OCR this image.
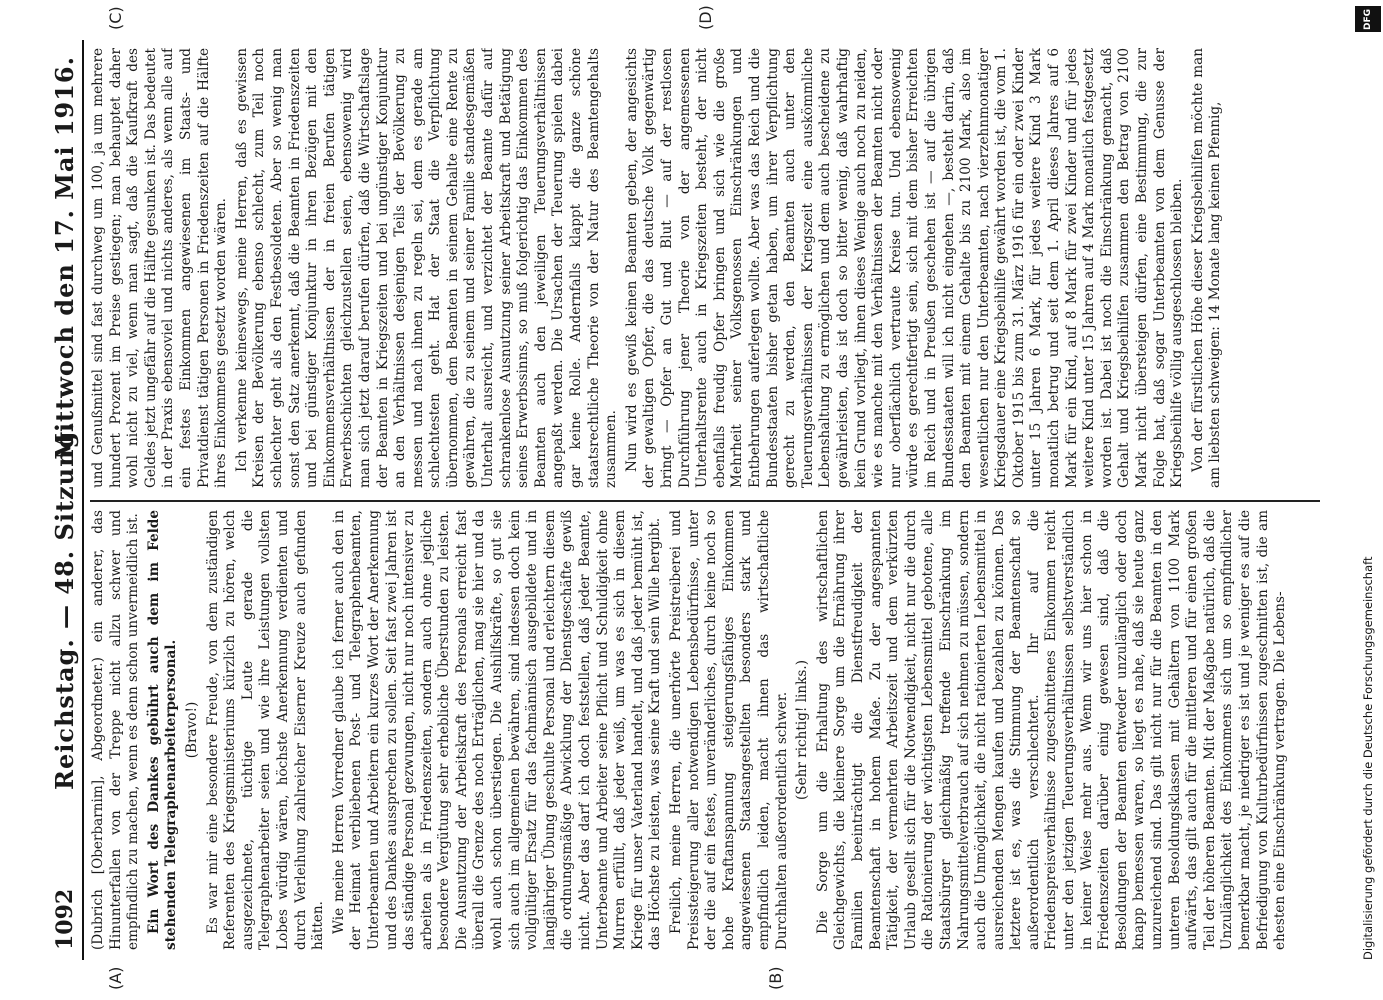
1092
Reichstag. — 48. Sitzung.
Mittwoch den 17. Mai 1916.
(A)	(B)
(C)	(D)

(Dubrich [Oberbarnim], Abgeordneter.) ein anderer, das Hinunterfallen von der Treppe nicht allzu schwer und empfindlich zu machen, wenn es denn schon unvermeidlich ist. Ein Wort des Dankes gebührt auch dem im Felde stehenden Telegraphenarbeiterpersonal. (Bravo!) Es war mir eine besondere Freude, von dem zuständigen Referenten des Kriegsministeriums kürzlich zu hören, welch ausgezeichnete, tüchtige Leute gerade die Telegraphenarbeiter seien und wie ihre Leistungen vollsten Lobes würdig wären, höchste Anerkennung verdienten und durch Verleihung zahlreicher Eiserner Kreuze auch gefunden hätten. Wie meine Herren Vorredner glaube ich ferner auch den in der Heimat verbliebenen Post- und Telegraphenbeamten, Unterbeamten und Arbeitern ein kurzes Wort der Anerkennung und des Dankes aussprechen zu sollen. Seit fast zwei Jahren ist das ständige Personal gezwungen, nicht nur noch intensiver zu arbeiten als in Friedenszeiten, sondern auch ohne jegliche besondere Vergütung sehr erhebliche Überstunden zu leisten. Die Ausnutzung der Arbeitskraft des Personals erreicht fast überall die Grenze des noch Erträglichen, mag sie hier und da wohl auch schon überstiegen. Die Aushilfskräfte, so gut sie sich auch im allgemeinen bewähren, sind indessen doch kein vollgültiger Ersatz für das fachmännisch ausgebildete und in langjähriger Übung geschulte Personal und erleichtern diesem die ordnungsmäßige Abwicklung der Dienstgeschäfte gewiß nicht. Aber das darf ich doch feststellen, daß jeder Beamte, Unterbeamte und Arbeiter seine Pflicht und Schuldigkeit ohne Murren erfüllt, daß jeder weiß, um was es sich in diesem Kriege für unser Vaterland handelt, und daß jeder bemüht ist, das Höchste zu leisten, was seine Kraft und sein Wille hergibt. Freilich, meine Herren, die unerhörte Preistreiberei und Preissteigerung aller notwendigen Lebensbedürfnisse, unter der die auf ein festes, unveränderliches, durch keine noch so hohe Kraftanspannung steigerungsfähiges Einkommen angewiesenen Staatsangestellten besonders stark und empfindlich leiden, macht ihnen das wirtschaftliche Durchhalten außerordentlich schwer. (Sehr richtig! links.) Die Sorge um die Erhaltung des wirtschaftlichen Gleichgewichts, die kleinere Sorge um die Ernährung ihrer Familien beeinträchtigt die Dienstfreudigkeit der Beamtenschaft in hohem Maße. Zu der angespannten Tätigkeit, der vermehrten Arbeitszeit und dem verkürzten Urlaub gesellt sich für die Notwendigkeit, nicht nur die durch die Rationierung der wichtigsten Lebensmittel gebotene, alle Staatsbürger gleichmäßig treffende Einschränkung im Nahrungsmittelverbrauch auf sich nehmen zu müssen, sondern auch die Unmöglichkeit, die nicht rationierten Lebensmittel in ausreichenden Mengen kaufen und bezahlen zu können. Das letztere ist es, was die Stimmung der Beamtenschaft so außerordentlich verschlechtert. Ihr auf die Friedenspreisverhältnisse zugeschnittenes Einkommen reicht unter den jetzigen Teuerungsverhältnissen selbstverständlich in keiner Weise mehr aus. Wenn wir uns hier schon in Friedenszeiten darüber einig gewesen sind, daß die Besoldungen der Beamten entweder unzulänglich oder doch knapp bemessen waren, so liegt es nahe, daß sie heute ganz unzureichend sind. Das gilt nicht nur für die Beamten in den unteren Besoldungsklassen mit Gehältern von 1100 Mark aufwärts, das gilt auch für die mittleren und für einen großen Teil der höheren Beamten. Mit der Maßgabe natürlich, daß die Unzulänglichkeit des Einkommens sich um so empfindlicher bemerkbar macht, je niedriger es ist und je weniger es auf die Befriedigung von Kulturbedürfnissen zugeschnitten ist, die am ehesten eine Einschränkung vertragen. Die Lebens-

und Genußmittel sind fast durchweg um 100, ja um mehrere hundert Prozent im Preise gestiegen; man behauptet daher wohl nicht zu viel, wenn man sagt, daß die Kaufkraft des Geldes jetzt ungefähr auf die Hälfte gesunken ist. Das bedeutet in der Praxis ebensoviel und nichts anderes, als wenn alle auf ein festes Einkommen angewiesenen im Staats- und Privatdienst tätigen Personen in Friedenszeiten auf die Hälfte ihres Einkommens gesetzt worden wären. Ich verkenne keineswegs, meine Herren, daß es gewissen Kreisen der Bevölkerung ebenso schlecht, zum Teil noch schlechter geht als den Festbesoldeten. Aber so wenig man sonst den Satz anerkennt, daß die Beamten in Friedenszeiten und bei günstiger Konjunktur in ihren Bezügen mit den Einkommensverhältnissen der in freien Berufen tätigen Erwerbsschichten gleichzustellen seien, ebensowenig wird man sich jetzt darauf berufen dürfen, daß die Wirtschaftslage der Beamten in Kriegszeiten und bei ungünstiger Konjunktur an den Verhältnissen desjenigen Teils der Bevölkerung zu messen und nach ihnen zu regeln sei, dem es gerade am schlechtesten geht. Hat der Staat die Verpflichtung übernommen, dem Beamten in seinem Gehalte eine Rente zu gewähren, die zu seinem und seiner Familie standesgemäßen Unterhalt ausreicht, und verzichtet der Beamte dafür auf schrankenlose Ausnutzung seiner Arbeitskraft und Betätigung seines Erwerbssinns, so muß folgerichtig das Einkommen des Beamten auch den jeweiligen Teuerungsverhältnissen angepaßt werden. Die Ursachen der Teuerung spielen dabei gar keine Rolle. Andernfalls klappt die ganze schöne staatsrechtliche Theorie von der Natur des Beamtengehalts zusammen. Nun wird es gewiß keinen Beamten geben, der angesichts der gewaltigen Opfer, die das deutsche Volk gegenwärtig bringt — Opfer an Gut und Blut — auf der restlosen Durchführung jener Theorie von der angemessenen Unterhaltsrente auch in Kriegszeiten besteht, der nicht ebenfalls freudig Opfer bringen und sich wie die große Mehrheit seiner Volksgenossen Einschränkungen und Entbehrungen auferlegen wollte. Aber was das Reich und die Bundesstaaten bisher getan haben, um ihrer Verpflichtung gerecht zu werden, den Beamten auch unter den Teuerungsverhältnissen der Kriegszeit eine auskömmliche Lebenshaltung zu ermöglichen und dem auch bescheidene zu gewährleisten, das ist doch so bitter wenig, daß wahrhaftig kein Grund vorliegt, ihnen dieses Wenige auch noch zu neiden, wie es manche mit den Verhältnissen der Beamten nicht oder nur oberflächlich vertraute Kreise tun. Und ebensowenig würde es gerechtfertigt sein, sich mit dem bisher Erreichten im Reich und in Preußen geschehen ist — auf die übrigen Bundesstaaten will ich nicht eingehen —, besteht darin, daß den Beamten mit einem Gehalte bis zu 2100 Mark, also im wesentlichen nur den Unterbeamten, nach vierzehnmonatiger Kriegsdauer eine Kriegsbeihilfe gewährt worden ist, die vom 1. Oktober 1915 bis zum 31. März 1916 für ein oder zwei Kinder unter 15 Jahren 6 Mark, für jedes weitere Kind 3 Mark monatlich betrug und seit dem 1. April dieses Jahres auf 6 Mark für ein Kind, auf 8 Mark für zwei Kinder und für jedes weitere Kind unter 15 Jahren auf 4 Mark monatlich festgesetzt worden ist. Dabei ist noch die Einschränkung gemacht, daß Gehalt und Kriegsbeihilfen zusammen den Betrag von 2100 Mark nicht übersteigen dürfen, eine Bestimmung, die zur Folge hat, daß sogar Unterbeamten von dem Genusse der Kriegsbeihilfe völlig ausgeschlossen bleiben. Von der fürstlichen Höhe dieser Kriegsbeihilfen möchte man am liebsten schweigen: 14 Monate lang keinen Pfennig,

Digitalisierung gefördert durch die Deutsche Forschungsgemeinschaft
DFG
